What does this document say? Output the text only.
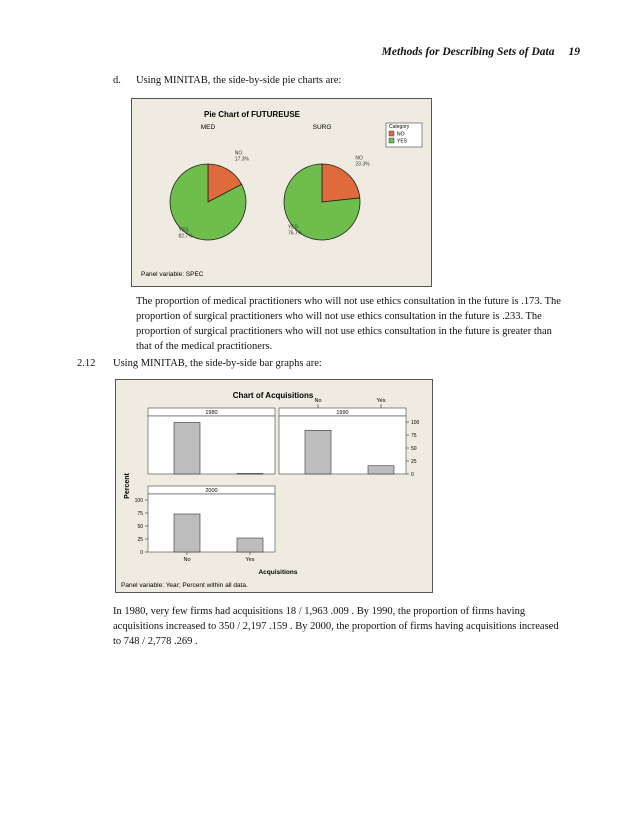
Methods for Describing Sets of Data 19
d. Using MINITAB, the side-by-side pie charts are:
Pie Chart of FUTUREUSE
MED
NO 17.3%
YES 82.7%
SURG
NO 23.3%
YES 76.7%
Category
NO
YES
Panel variable: SPEC
The proportion of medical practitioners who will not use ethics consultation in the future is .173. The
proportion of surgical practitioners who will not use ethics consultation in the future is .233. The
proportion of surgical practitioners who will not use ethics consultation in the future is greater than
that of the medical practitioners.
2.12 Using MINITAB, the side-by-side bar graphs are:
Chart of Acquisitions
1980	1990
2000
0
25
50
75
100
0
25
50
75
100
No
No
Yes
Yes
Percent
Acquisitions
Panel variable: Year; Percent within all data.
In 1980, very few firms had acquisitions 18 / 1,963 .009 . By 1990, the proportion of firms having
acquisitions increased to 350 / 2,197 .159 . By 2000, the proportion of firms having acquisitions increased
to 748 / 2,778 .269 .
